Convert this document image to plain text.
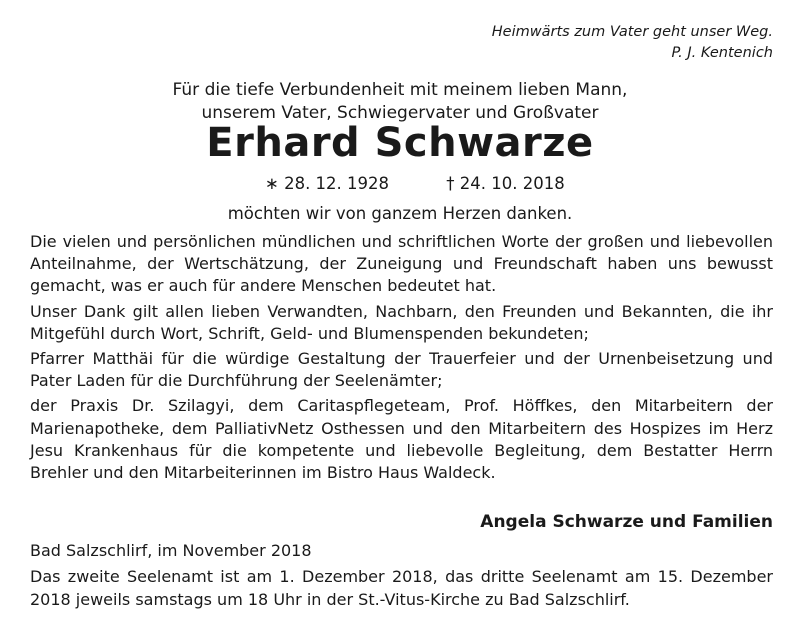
Heimwärts zum Vater geht unser Weg.
P. J. Kentenich
Für die tiefe Verbundenheit mit meinem lieben Mann,
unserem Vater, Schwiegervater und Großvater
Erhard Schwarze
∗ 28. 12. 1928	† 24. 10. 2018
möchten wir von ganzem Herzen danken.

Die vielen und persönlichen mündlichen und schriftlichen Worte der großen und liebevollen Anteilnahme, der Wertschätzung, der Zuneigung und Freundschaft haben uns bewusst gemacht, was er auch für andere Menschen bedeutet hat.

Unser Dank gilt allen lieben Verwandten, Nachbarn, den Freunden und Bekannten, die ihr Mitgefühl durch Wort, Schrift, Geld- und Blumenspenden bekundeten;

Pfarrer Matthäi für die würdige Gestaltung der Trauerfeier und der Urnenbeisetzung und Pater Laden für die Durchführung der Seelenämter;

der Praxis Dr. Szilagyi, dem Caritaspflegeteam, Prof. Höffkes, den Mitarbeitern der Marienapotheke, dem PalliativNetz Osthessen und den Mitarbeitern des Hospizes im Herz Jesu Krankenhaus für die kompetente und liebevolle Begleitung, dem Bestatter Herrn Brehler und den Mitarbeiterinnen im Bistro Haus Waldeck.

Angela Schwarze und Familien
Bad Salzschlirf, im November 2018
Das zweite Seelenamt ist am 1. Dezember 2018, das dritte Seelenamt am 15. Dezember 2018 jeweils samstags um 18 Uhr in der St.-Vitus-Kirche zu Bad Salzschlirf.
